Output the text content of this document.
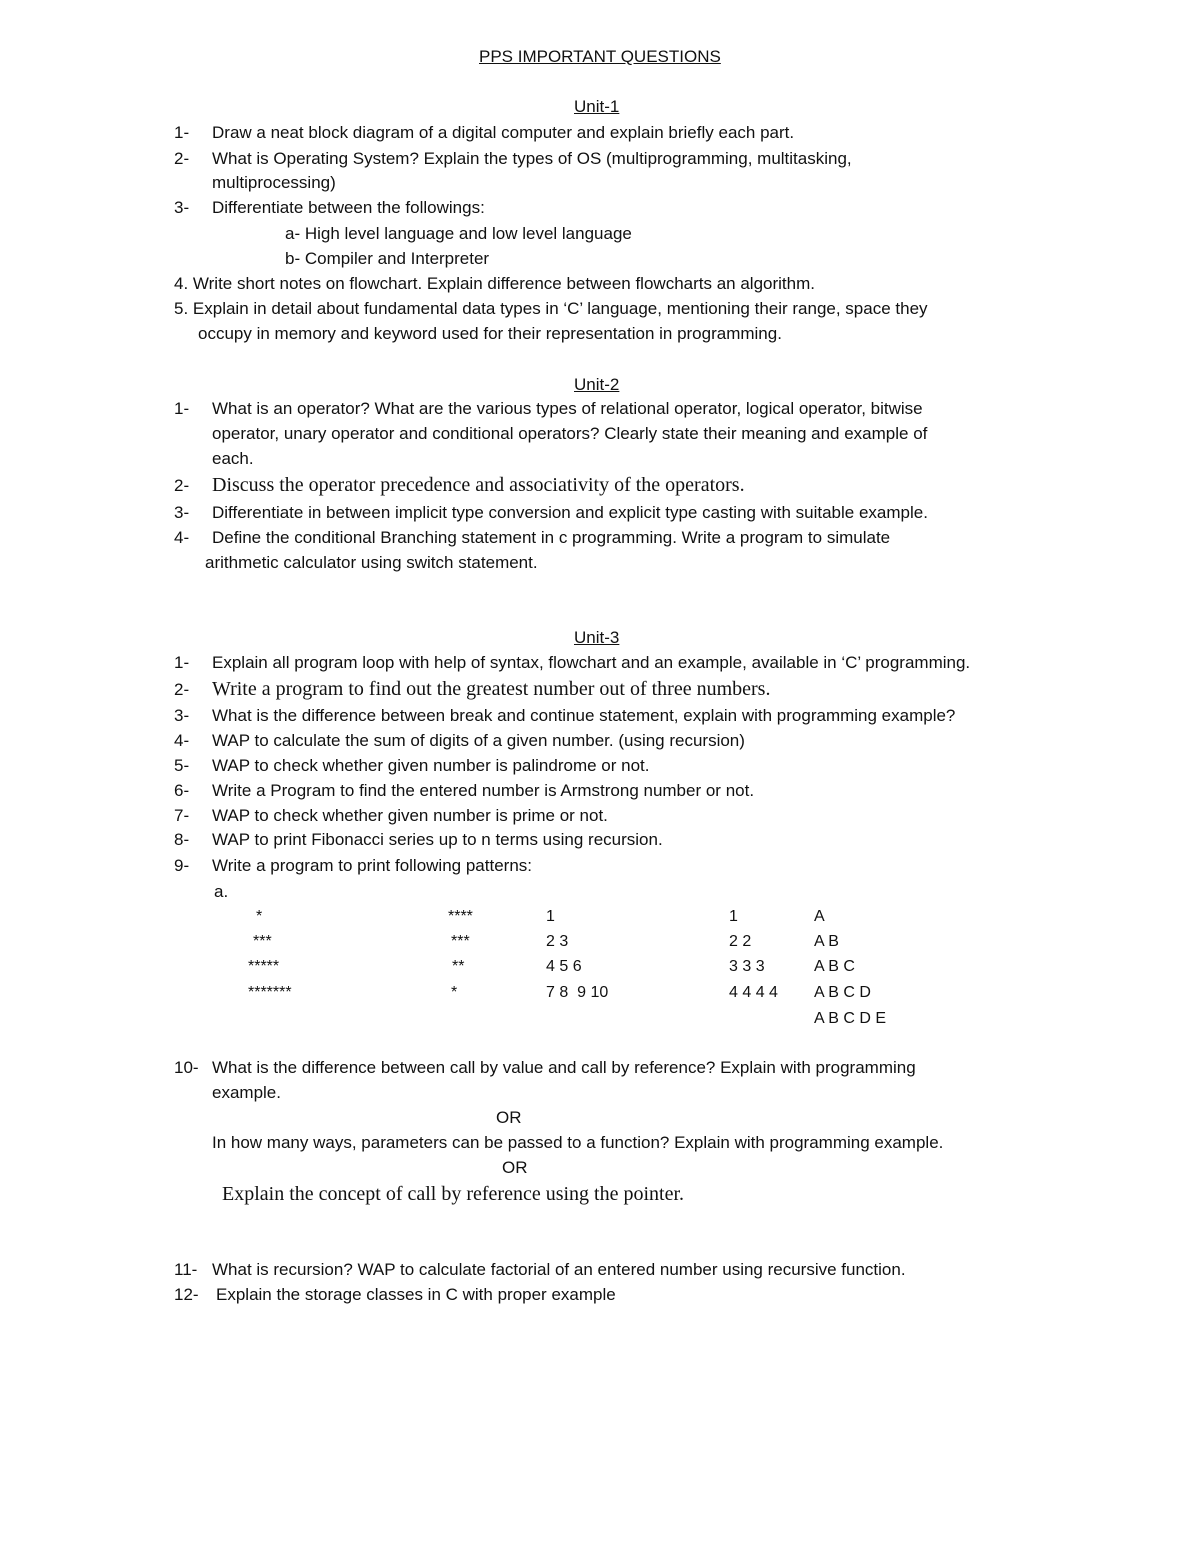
PPS IMPORTANT QUESTIONS
Unit-1
1- Draw a neat block diagram of a digital computer and explain briefly each part.
2- What is Operating System? Explain the types of OS (multiprogramming, multitasking,
multiprocessing)
3- Differentiate between the followings:
a- High level language and low level language
b- Compiler and Interpreter
4. Write short notes on flowchart. Explain difference between flowcharts an algorithm.
5. Explain in detail about fundamental data types in ‘C’ language, mentioning their range, space they
occupy in memory and keyword used for their representation in programming.
Unit-2
1- What is an operator? What are the various types of relational operator, logical operator, bitwise
operator, unary operator and conditional operators? Clearly state their meaning and example of
each.
2- Discuss the operator precedence and associativity of the operators.
3- Differentiate in between implicit type conversion and explicit type casting with suitable example.
4- Define the conditional Branching statement in c programming. Write a program to simulate
arithmetic calculator using switch statement.
Unit-3
1- Explain all program loop with help of syntax, flowchart and an example, available in ‘C’ programming.
2- Write a program to find out the greatest number out of three numbers.
3- What is the difference between break and continue statement, explain with programming example?
4- WAP to calculate the sum of digits of a given number. (using recursion)
5- WAP to check whether given number is palindrome or not.
6- Write a Program to find the entered number is Armstrong number or not.
7- WAP to check whether given number is prime or not.
8- WAP to print Fibonacci series up to n terms using recursion.
9- Write a program to print following patterns:
a.
*
***
*****
*******
****
***
**
*
1
2 3
4 5 6
7 8  9 10
1
2 2
3 3 3
4 4 4 4
A
A B
A B C
A B C D
A B C D E
10- What is the difference between call by value and call by reference? Explain with programming
example.
OR
In how many ways, parameters can be passed to a function? Explain with programming example.
OR
Explain the concept of call by reference using the pointer.
11- What is recursion? WAP to calculate factorial of an entered number using recursive function.
12- Explain the storage classes in C with proper example
